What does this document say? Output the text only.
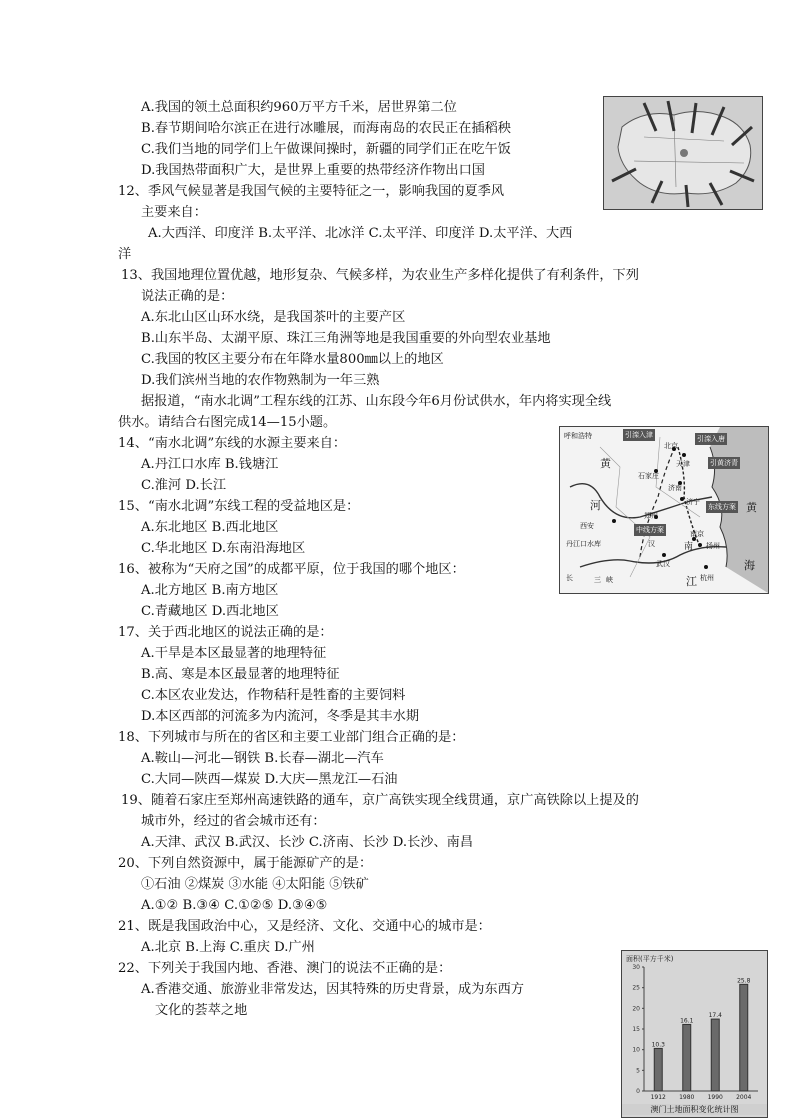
A.我国的领土总面积约960万平方千米，居世界第二位
B.春节期间哈尔滨正在进行冰雕展，而海南岛的农民正在插稻秧
C.我们当地的同学们上午做课间操时，新疆的同学们正在吃午饭
D.我国热带面积广大，是世界上重要的热带经济作物出口国
12、季风气候显著是我国气候的主要特征之一，影响我国的夏季风
主要来自：
A.大西洋、印度洋 B.太平洋、北冰洋 C.太平洋、印度洋 D.太平洋、大西
洋
13、我国地理位置优越，地形复杂、气候多样，为农业生产多样化提供了有利条件，下列
说法正确的是：
A.东北山区山环水绕，是我国茶叶的主要产区
B.山东半岛、太湖平原、珠江三角洲等地是我国重要的外向型农业基地
C.我国的牧区主要分布在年降水量800㎜以上的地区
D.我们滨州当地的农作物熟制为一年三熟
据报道，“南水北调”工程东线的江苏、山东段今年6月份试供水，年内将实现全线
供水。请结合右图完成14—15小题。
14、“南水北调”东线的水源主要来自：
A.丹江口水库 B.钱塘江
C.淮河 D.长江
15、“南水北调”东线工程的受益地区是：
A.东北地区 B.西北地区
C.华北地区 D.东南沿海地区
16、被称为“天府之国”的成都平原，位于我国的哪个地区：
A.北方地区 B.南方地区
C.青藏地区 D.西北地区
17、关于西北地区的说法正确的是：
A.干旱是本区最显著的地理特征
B.高、寒是本区最显著的地理特征
C.本区农业发达，作物秸秆是牲畜的主要饲料
D.本区西部的河流多为内流河，冬季是其丰水期
18、下列城市与所在的省区和主要工业部门组合正确的是：
A.鞍山—河北—钢铁 B.长春—湖北—汽车
C.大同—陕西—煤炭 D.大庆—黑龙江—石油
19、随着石家庄至郑州高速铁路的通车，京广高铁实现全线贯通，京广高铁除以上提及的
城市外，经过的省会城市还有：
A.天津、武汉 B.武汉、长沙 C.济南、长沙 D.长沙、南昌
20、下列自然资源中，属于能源矿产的是：
①石油 ②煤炭 ③水能 ④太阳能 ⑤铁矿
A.①② B.③④ C.①②⑤ D.③④⑤
21、既是我国政治中心，又是经济、文化、交通中心的城市是：
A.北京 B.上海 C.重庆 D.广州
22、下列关于我国内地、香港、澳门的说法不正确的是：
A.香港交通、旅游业非常发达，因其特殊的历史背景，成为东西方
文化的荟萃之地
引滦入津	引滦入唐
引黄济青
东线方案
中线方案
呼和浩特
北京
天津
石家庄
济南
济宁
郑州
西安
丹江口水库	汉
武汉
南京
扬州
杭州
长	三 峡
黄
河
江
海
黄
南
面积(平方千米)
0
5
10
15
20
25
30
10.3
1912
16.1
1980
17.4
1990
25.8
2004
澳门土地面积变化统计图
